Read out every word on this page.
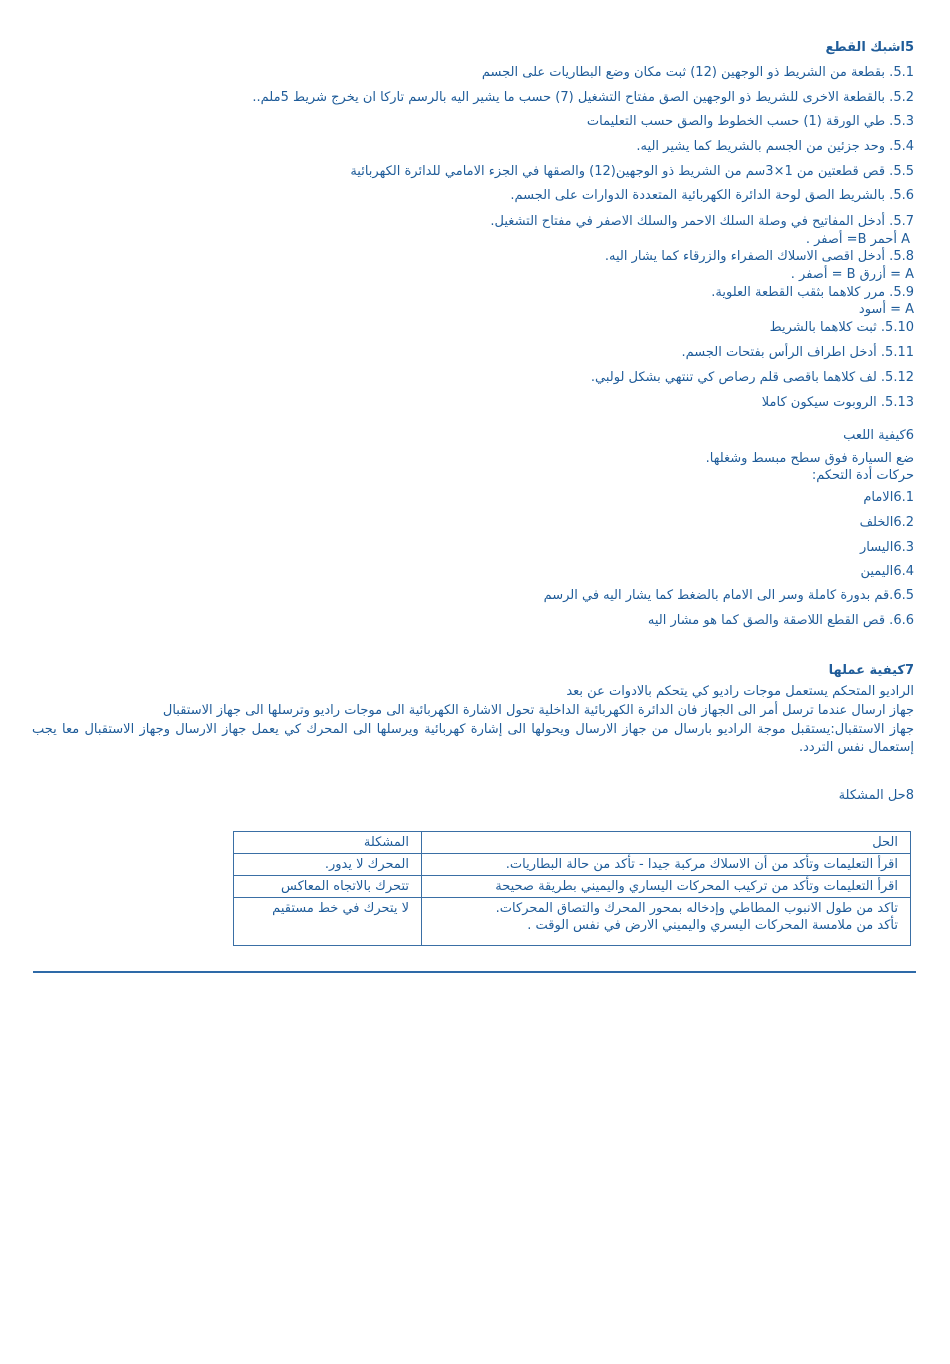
5اشبك القطع
5.1. بقطعة من الشريط ذو الوجهين (12) ثبت مكان وضع البطاريات على الجسم
5.2. بالقطعة الاخرى للشريط ذو الوجهين الصق مفتاح التشغيل (7) حسب ما يشير اليه بالرسم تاركا ان يخرج شريط 5ملم..
5.3. طي الورقة (1) حسب الخطوط والصق حسب التعليمات
5.4. وحد جزئين من الجسم بالشريط كما يشير اليه.
5.5. قص قطعتين من 1×3سم من الشريط ذو الوجهين(12) والصقها في الجزء الامامي للدائرة الكهربائية
5.6. بالشريط الصق لوحة الدائرة الكهربائية المتعددة الدوارات على الجسم.
5.7. أدخل المفاتيح في وصلة السلك الاحمر والسلك الاصفر في مفتاح التشغيل.
A أحمر B= أصفر .
5.8. أدخل اقصى الاسلاك الصفراء والزرقاء كما يشار اليه.
A = أزرق B = أصفر .
5.9. مرر كلاهما بثقب القطعة العلوية.
A = أسود
5.10. ثبت كلاهما بالشريط
5.11. أدخل اطراف الرأس بفتحات الجسم.
5.12. لف كلاهما باقصى قلم رصاص كي تنتهي بشكل لولبي.
5.13. الروبوت سيكون كاملا
6كيفية اللعب
ضع السيارة فوق سطح مبسط وشغلها.
حركات أدة التحكم:
6.1الامام
6.2الخلف
6.3اليسار
6.4اليمين
6.5.قم بدورة كاملة وسر الى الامام بالضغط كما يشار اليه في الرسم
6.6. قص القطع اللاصقة والصق كما هو مشار اليه
7كيفية عملها
الراديو المتحكم يستعمل موجات راديو كي يتحكم بالادوات عن بعد
جهاز ارسال عندما ترسل أمر الى الجهاز فان الدائرة الكهربائية الداخلية تحول الاشارة الكهربائية الى موجات راديو وترسلها الى جهاز الاستقبال
جهاز الاستقبال:يستقبل موجة الراديو بارسال من جهاز الارسال ويحولها الى إشارة كهربائية ويرسلها الى المحرك كي يعمل جهاز الارسال وجهاز الاستقبال معا يجب إستعمال نفس التردد.
8حل المشكلة
الحل	المشكلة

اقرأ التعليمات وتأكد من أن الاسلاك مركبة جيدا - تأكد من حالة البطاريات.	المحرك لا يدور.

اقرأ التعليمات وتأكد من تركيب المحركات اليساري واليميني بطريقة صحيحة	تتحرك بالاتجاه المعاكس

تاكد من طول الانبوب المطاطي وإدخاله بمحور المحرك والتصاق المحركات.
تأكد من ملامسة المحركات اليسري واليميني الارض في نفس الوقت .	لا يتحرك في خط مستقيم
